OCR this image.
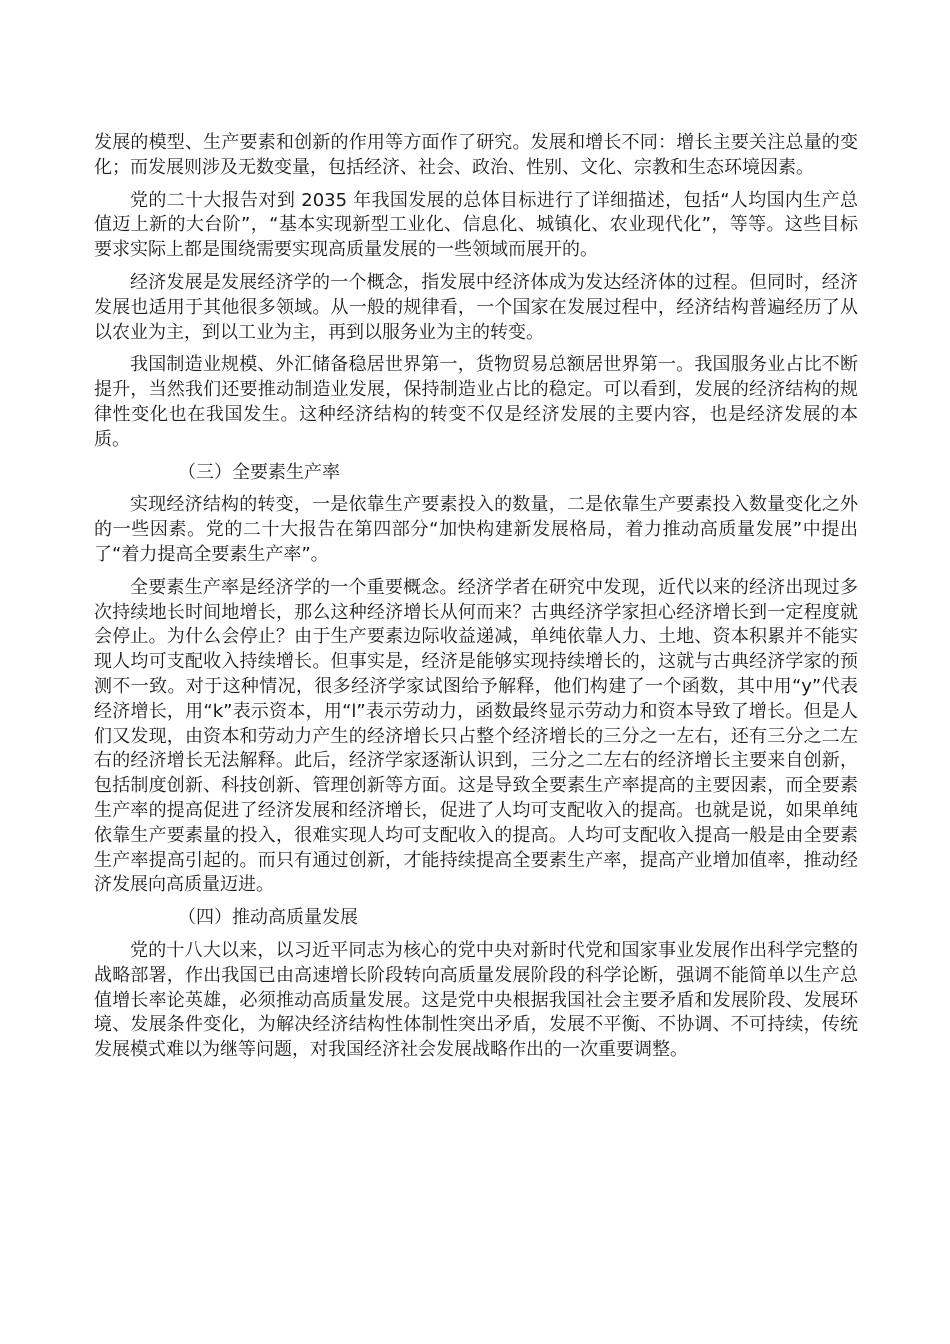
发展的模型、生产要素和创新的作用等方面作了研究。发展和增长不同：增长主要关注总量的变化；而发展则涉及无数变量，包括经济、社会、政治、性别、文化、宗教和生态环境因素。

党的二十大报告对到 2035 年我国发展的总体目标进行了详细描述，包括“人均国内生产总值迈上新的大台阶”，“基本实现新型工业化、信息化、城镇化、农业现代化”，等等。这些目标要求实际上都是围绕需要实现高质量发展的一些领域而展开的。

经济发展是发展经济学的一个概念，指发展中经济体成为发达经济体的过程。但同时，经济发展也适用于其他很多领域。从一般的规律看，一个国家在发展过程中，经济结构普遍经历了从以农业为主，到以工业为主，再到以服务业为主的转变。

我国制造业规模、外汇储备稳居世界第一，货物贸易总额居世界第一。我国服务业占比不断提升，当然我们还要推动制造业发展，保持制造业占比的稳定。可以看到，发展的经济结构的规律性变化也在我国发生。这种经济结构的转变不仅是经济发展的主要内容，也是经济发展的本质。

（三）全要素生产率

实现经济结构的转变，一是依靠生产要素投入的数量，二是依靠生产要素投入数量变化之外的一些因素。党的二十大报告在第四部分“加快构建新发展格局，着力推动高质量发展”中提出了“着力提高全要素生产率”。

全要素生产率是经济学的一个重要概念。经济学者在研究中发现，近代以来的经济出现过多次持续地长时间地增长，那么这种经济增长从何而来？古典经济学家担心经济增长到一定程度就会停止。为什么会停止？由于生产要素边际收益递减，单纯依靠人力、土地、资本积累并不能实现人均可支配收入持续增长。但事实是，经济是能够实现持续增长的，这就与古典经济学家的预测不一致。对于这种情况，很多经济学家试图给予解释，他们构建了一个函数，其中用“y”代表经济增长，用“k”表示资本，用“l”表示劳动力，函数最终显示劳动力和资本导致了增长。但是人们又发现，由资本和劳动力产生的经济增长只占整个经济增长的三分之一左右，还有三分之二左右的经济增长无法解释。此后，经济学家逐渐认识到，三分之二左右的经济增长主要来自创新，包括制度创新、科技创新、管理创新等方面。这是导致全要素生产率提高的主要因素，而全要素生产率的提高促进了经济发展和经济增长，促进了人均可支配收入的提高。也就是说，如果单纯依靠生产要素量的投入，很难实现人均可支配收入的提高。人均可支配收入提高一般是由全要素生产率提高引起的。而只有通过创新，才能持续提高全要素生产率，提高产业增加值率，推动经济发展向高质量迈进。

（四）推动高质量发展

党的十八大以来，以习近平同志为核心的党中央对新时代党和国家事业发展作出科学完整的战略部署，作出我国已由高速增长阶段转向高质量发展阶段的科学论断，强调不能简单以生产总值增长率论英雄，必须推动高质量发展。这是党中央根据我国社会主要矛盾和发展阶段、发展环境、发展条件变化，为解决经济结构性体制性突出矛盾，发展不平衡、不协调、不可持续，传统发展模式难以为继等问题，对我国经济社会发展战略作出的一次重要调整。
